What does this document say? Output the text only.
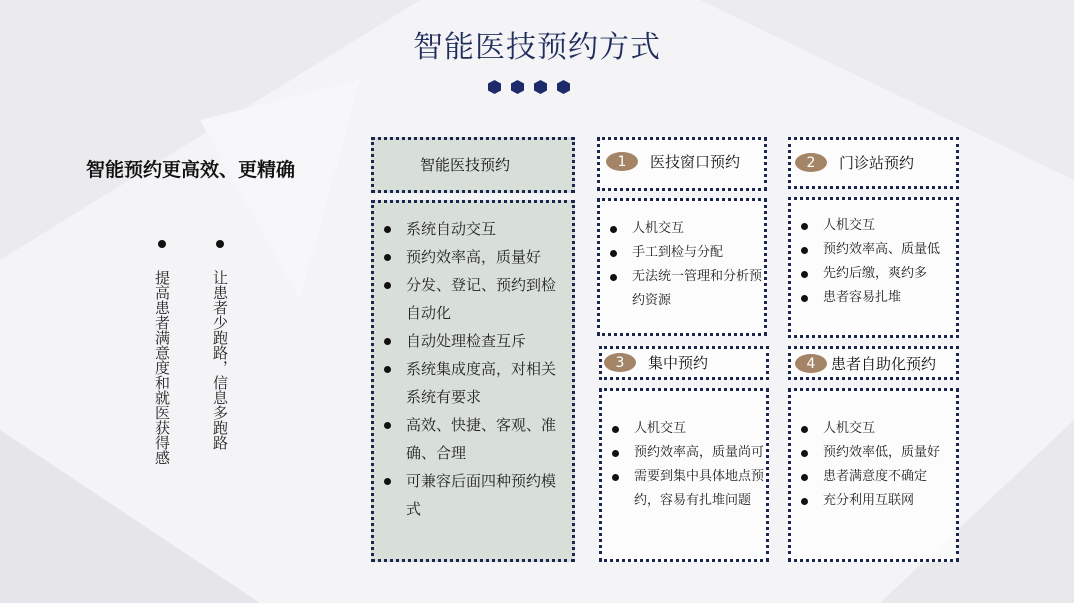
智能医技预约方式
智能预约更高效、更精确
提高患者满意度和就医获得感	让患者少跑路，信息多跑路
智能医技预约
系统自动交互
预约效率高，质量好
分发、登记、预约到检自动化
自动处理检查互斥
系统集成度高，对相关系统有要求
高效、快捷、客观、准确、合理
可兼容后面四种预约模式
1	医技窗口预约
人机交互
手工到检与分配
无法统一管理和分析预约资源
2	门诊站预约
人机交互
预约效率高、质量低
先约后缴，爽约多
患者容易扎堆
3	集中预约
人机交互
预约效率高，质量尚可
需要到集中具体地点预约，容易有扎堆问题
4	患者自助化预约
人机交互
预约效率低，质量好
患者满意度不确定
充分利用互联网
